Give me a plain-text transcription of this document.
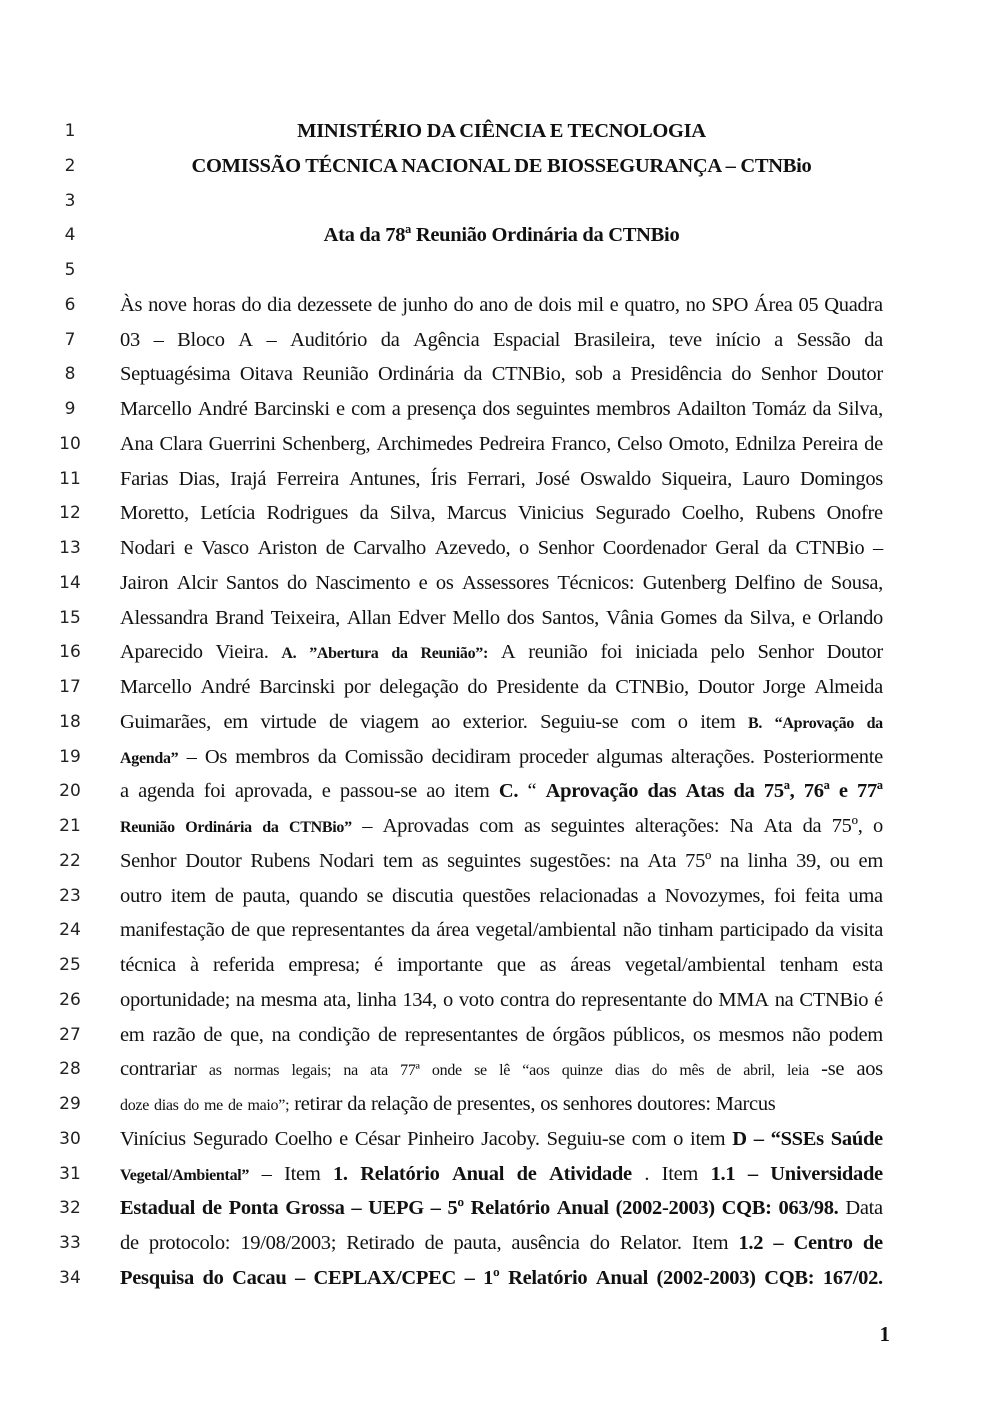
1	MINISTÉRIO DA CIÊNCIA E TECNOLOGIA
2	COMISSÃO TÉCNICA NACIONAL DE BIOSSEGURANÇA – CTNBio
3
4	Ata da 78ª Reunião Ordinária da CTNBio
5
6	Às nove horas do dia dezessete de junho do ano de dois mil e quatro, no SPO Área 05 Quadra
7	03 – Bloco A – Auditório da Agência Espacial Brasileira, teve início a Sessão da
8	Septuagésima Oitava Reunião Ordinária da CTNBio, sob a Presidência do Senhor Doutor
9	Marcello André Barcinski e com a presença dos seguintes membros Adailton Tomáz da Silva,
10	Ana Clara Guerrini Schenberg, Archimedes Pedreira Franco, Celso Omoto, Ednilza Pereira de
11	Farias Dias, Irajá Ferreira Antunes, Íris Ferrari, José Oswaldo Siqueira, Lauro Domingos
12	Moretto, Letícia Rodrigues da Silva, Marcus Vinicius Segurado Coelho, Rubens Onofre
13	Nodari e Vasco Ariston de Carvalho Azevedo, o Senhor Coordenador Geral da CTNBio –
14	Jairon Alcir Santos do Nascimento e os Assessores Técnicos: Gutenberg Delfino de Sousa,
15	Alessandra Brand Teixeira, Allan Edver Mello dos Santos, Vânia Gomes da Silva, e Orlando
16	Aparecido Vieira. A. ”Abertura da Reunião”: A reunião foi iniciada pelo Senhor Doutor
17	Marcello André Barcinski por delegação do Presidente da CTNBio, Doutor Jorge Almeida
18	Guimarães, em virtude de viagem ao exterior. Seguiu-se com o item B. “Aprovação da
19	Agenda” – Os membros da Comissão decidiram proceder algumas alterações. Posteriormente
20	a agenda foi aprovada, e passou-se ao item C. “ Aprovação das Atas da 75ª, 76ª e 77ª
21	Reunião Ordinária da CTNBio” – Aprovadas com as seguintes alterações: Na Ata da 75º, o
22	Senhor Doutor Rubens Nodari tem as seguintes sugestões: na Ata 75º na linha 39, ou em
23	outro item de pauta, quando se discutia questões relacionadas a Novozymes, foi feita uma
24	manifestação de que representantes da área vegetal/ambiental não tinham participado da visita
25	técnica à referida empresa; é importante que as áreas vegetal/ambiental tenham esta
26	oportunidade; na mesma ata, linha 134, o voto contra do representante do MMA na CTNBio é
27	em razão de que, na condição de representantes de órgãos públicos, os mesmos não podem
28	contrariar as normas legais; na ata 77ª onde se lê “aos quinze dias do mês de abril, leia -se aos
29	doze dias do me de maio”; retirar da relação de presentes, os senhores doutores: Marcus
30	Vinícius Segurado Coelho e César Pinheiro Jacoby. Seguiu-se com o item D – “SSEs Saúde
31	Vegetal/Ambiental” – Item 1. Relatório Anual de Atividade . Item 1.1 – Universidade
32	Estadual de Ponta Grossa – UEPG – 5º Relatório Anual (2002-2003) CQB: 063/98. Data
33	de protocolo: 19/08/2003; Retirado de pauta, ausência do Relator. Item 1.2 – Centro de
34	Pesquisa do Cacau – CEPLAX/CPEC – 1º Relatório Anual (2002-2003) CQB: 167/02.
1
